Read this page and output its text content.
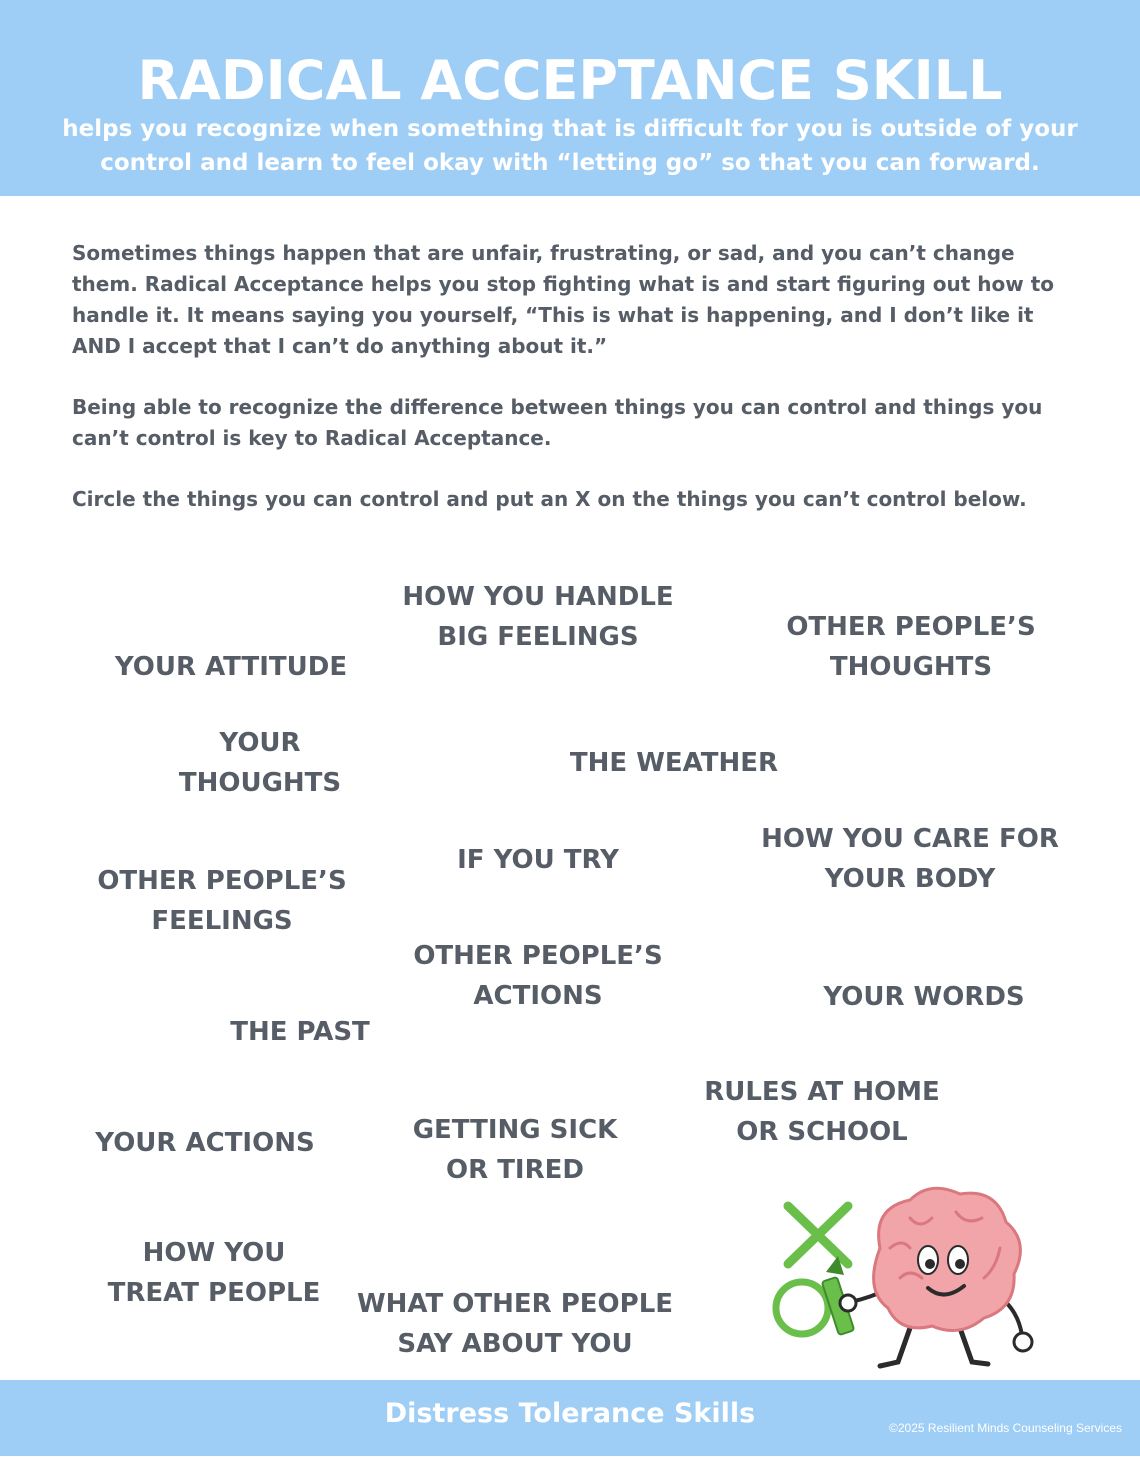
RADICAL ACCEPTANCE SKILL
helps you recognize when something that is difficult for you is outside of your control and learn to feel okay with “letting go” so that you can forward.
Sometimes things happen that are unfair, frustrating, or sad, and you can’t change them. Radical Acceptance helps you stop fighting what is and start figuring out how to handle it. It means saying you yourself, “This is what is happening, and I don’t like it AND I accept that I can’t do anything about it.”
Being able to recognize the difference between things you can control and things you can’t control is key to Radical Acceptance.
Circle the things you can control and put an X on the things you can’t control below.
HOW YOU HANDLE
BIG FEELINGS	OTHER PEOPLE’S
THOUGHTS
YOUR ATTITUDE
YOUR
THOUGHTS
THE WEATHER
HOW YOU CARE FOR
YOUR BODY
IF YOU TRY
OTHER PEOPLE’S
FEELINGS
OTHER PEOPLE’S
ACTIONS	YOUR WORDS
THE PAST
RULES AT HOME
OR SCHOOL
YOUR ACTIONS	GETTING SICK
OR TIRED
HOW YOU
TREAT PEOPLE	WHAT OTHER PEOPLE
SAY ABOUT YOU
Distress Tolerance Skills	©2025 Resilient Minds Counseling Services
